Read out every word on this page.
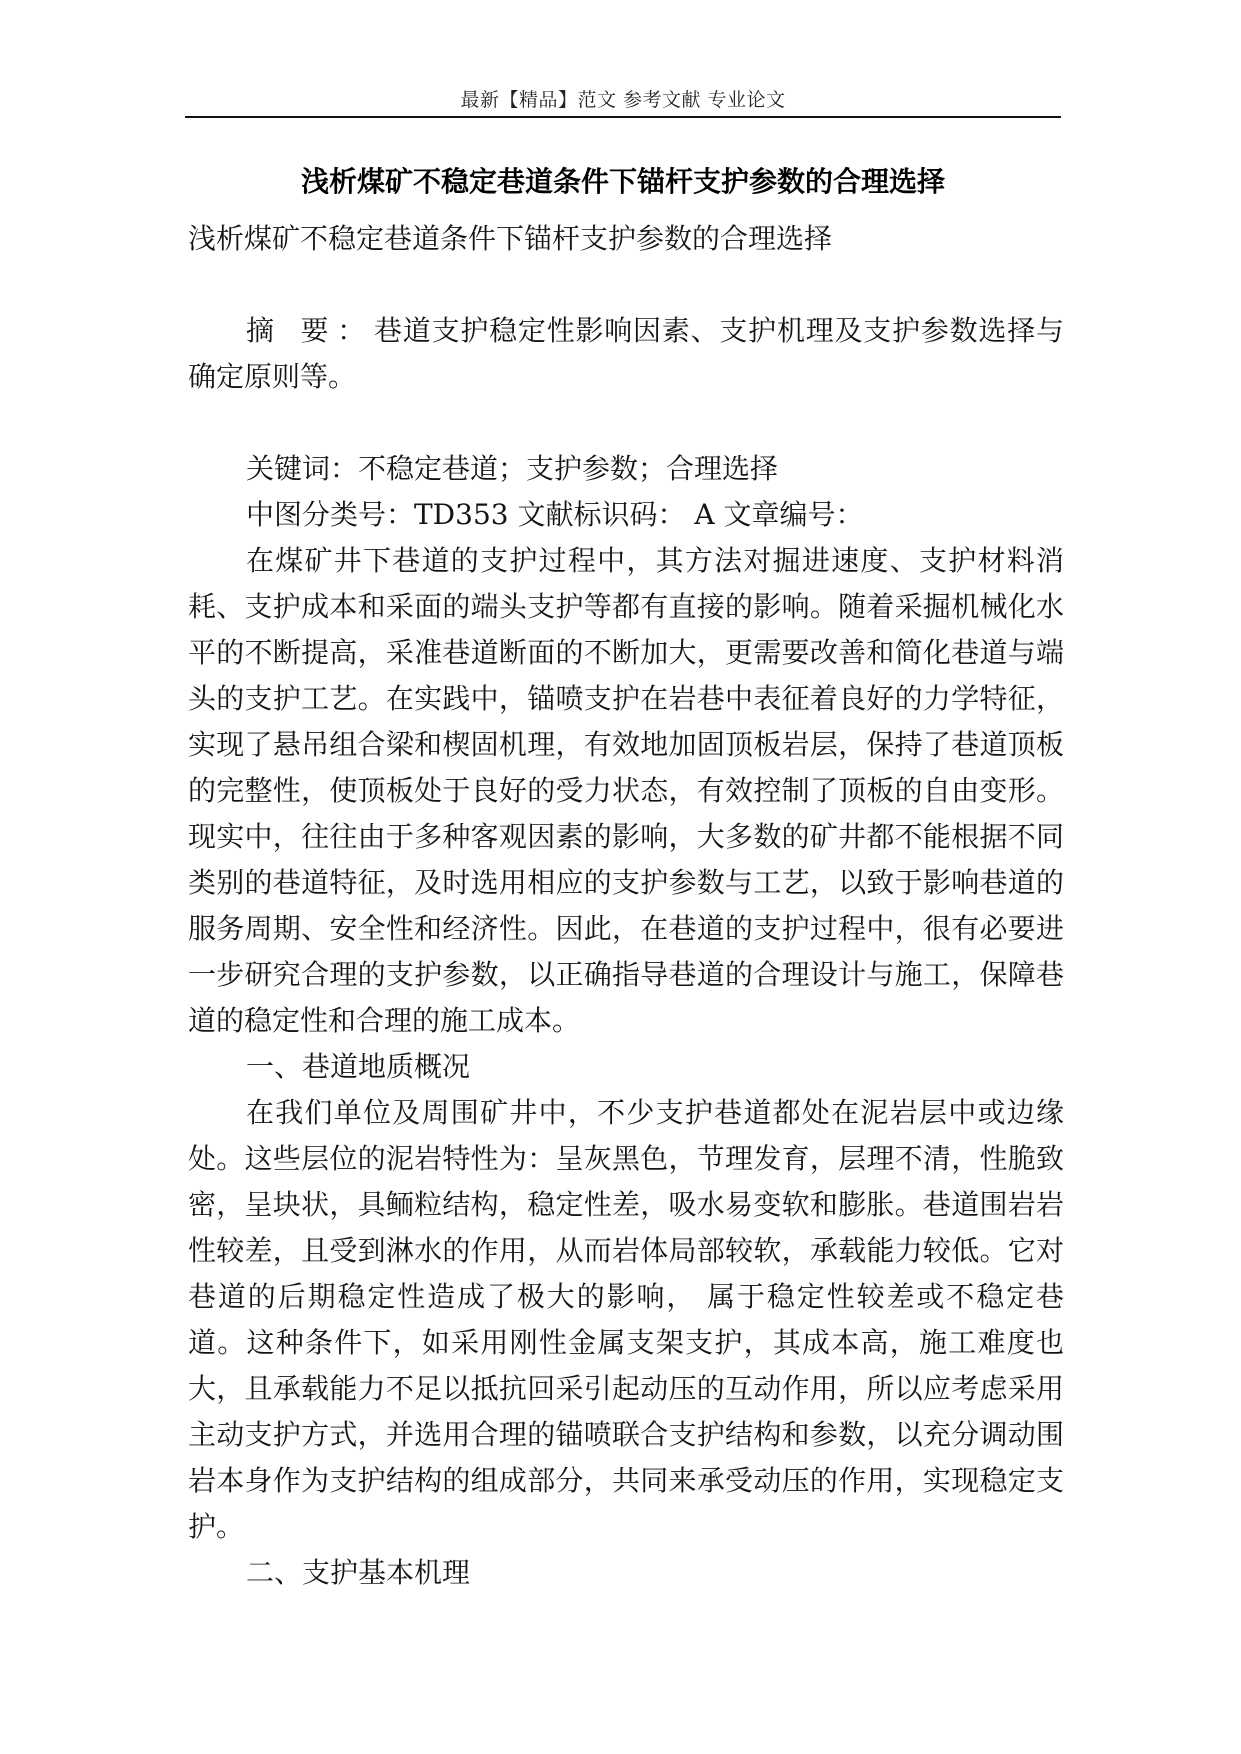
最新【精品】范文 参考文献 专业论文
浅析煤矿不稳定巷道条件下锚杆支护参数的合理选择

浅析煤矿不稳定巷道条件下锚杆支护参数的合理选择

摘 要：巷道支护稳定性影响因素、支护机理及支护参数选择与确定原则等。

关键词：不稳定巷道；支护参数；合理选择

中图分类号：TD353 文献标识码： A 文章编号：

在煤矿井下巷道的支护过程中，其方法对掘进速度、支护材料消耗、支护成本和采面的端头支护等都有直接的影响。随着采掘机械化水平的不断提高，采准巷道断面的不断加大，更需要改善和简化巷道与端头的支护工艺。在实践中，锚喷支护在岩巷中表征着良好的力学特征，实现了悬吊组合梁和楔固机理，有效地加固顶板岩层，保持了巷道顶板的完整性，使顶板处于良好的受力状态，有效控制了顶板的自由变形。现实中，往往由于多种客观因素的影响，大多数的矿井都不能根据不同类别的巷道特征，及时选用相应的支护参数与工艺，以致于影响巷道的服务周期、安全性和经济性。因此，在巷道的支护过程中，很有必要进一步研究合理的支护参数，以正确指导巷道的合理设计与施工，保障巷道的稳定性和合理的施工成本。

一、巷道地质概况

在我们单位及周围矿井中，不少支护巷道都处在泥岩层中或边缘处。这些层位的泥岩特性为：呈灰黑色，节理发育，层理不清，性脆致密，呈块状，具鲕粒结构，稳定性差，吸水易变软和膨胀。巷道围岩岩性较差，且受到淋水的作用，从而岩体局部较软，承载能力较低。它对巷道的后期稳定性造成了极大的影响， 属于稳定性较差或不稳定巷道。这种条件下，如采用刚性金属支架支护，其成本高，施工难度也大，且承载能力不足以抵抗回采引起动压的互动作用，所以应考虑采用主动支护方式，并选用合理的锚喷联合支护结构和参数，以充分调动围岩本身作为支护结构的组成部分，共同来承受动压的作用，实现稳定支护。

二、支护基本机理
